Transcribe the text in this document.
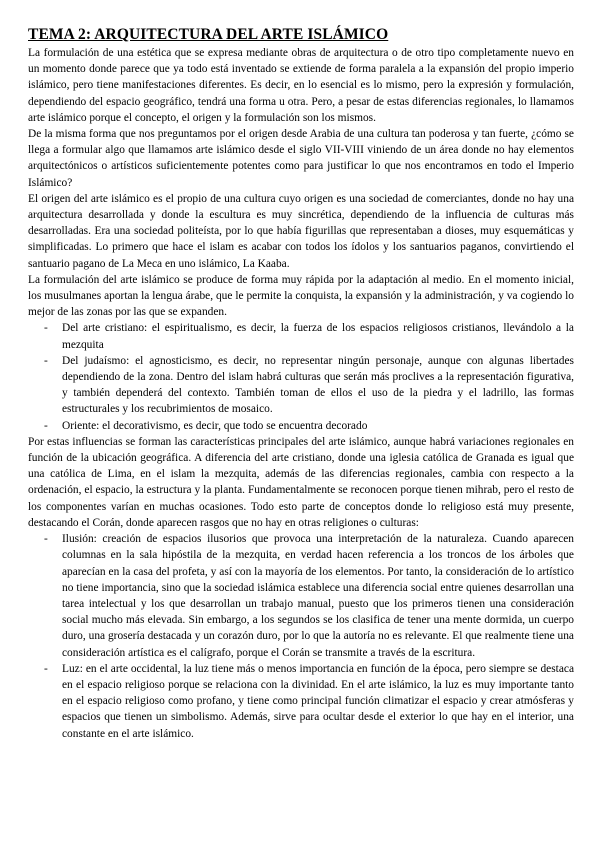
TEMA 2: ARQUITECTURA DEL ARTE ISLÁMICO

La formulación de una estética que se expresa mediante obras de arquitectura o de otro tipo completamente nuevo en un momento donde parece que ya todo está inventado se extiende de forma paralela a la expansión del propio imperio islámico, pero tiene manifestaciones diferentes. Es decir, en lo esencial es lo mismo, pero la expresión y formulación, dependiendo del espacio geográfico, tendrá una forma u otra. Pero, a pesar de estas diferencias regionales, lo llamamos arte islámico porque el concepto, el origen y la formulación son los mismos.

De la misma forma que nos preguntamos por el origen desde Arabia de una cultura tan poderosa y tan fuerte, ¿cómo se llega a formular algo que llamamos arte islámico desde el siglo VII-VIII viniendo de un área donde no hay elementos arquitectónicos o artísticos suficientemente potentes como para justificar lo que nos encontramos en todo el Imperio Islámico?

El origen del arte islámico es el propio de una cultura cuyo origen es una sociedad de comerciantes, donde no hay una arquitectura desarrollada y donde la escultura es muy sincrética, dependiendo de la influencia de culturas más desarrolladas. Era una sociedad politeísta, por lo que había figurillas que representaban a dioses, muy esquemáticas y simplificadas. Lo primero que hace el islam es acabar con todos los ídolos y los santuarios paganos, convirtiendo el santuario pagano de La Meca en uno islámico, La Kaaba.

La formulación del arte islámico se produce de forma muy rápida por la adaptación al medio. En el momento inicial, los musulmanes aportan la lengua árabe, que le permite la conquista, la expansión y la administración, y va cogiendo lo mejor de las zonas por las que se expanden.

- Del arte cristiano: el espiritualismo, es decir, la fuerza de los espacios religiosos cristianos, llevándolo a la mezquita
- Del judaísmo: el agnosticismo, es decir, no representar ningún personaje, aunque con algunas libertades dependiendo de la zona. Dentro del islam habrá culturas que serán más proclives a la representación figurativa, y también dependerá del contexto. También toman de ellos el uso de la piedra y el ladrillo, las formas estructurales y los recubrimientos de mosaico.
- Oriente: el decorativismo, es decir, que todo se encuentra decorado

Por estas influencias se forman las características principales del arte islámico, aunque habrá variaciones regionales en función de la ubicación geográfica. A diferencia del arte cristiano, donde una iglesia católica de Granada es igual que una católica de Lima, en el islam la mezquita, además de las diferencias regionales, cambia con respecto a la ordenación, el espacio, la estructura y la planta. Fundamentalmente se reconocen porque tienen mihrab, pero el resto de los componentes varían en muchas ocasiones. Todo esto parte de conceptos donde lo religioso está muy presente, destacando el Corán, donde aparecen rasgos que no hay en otras religiones o culturas:

- Ilusión: creación de espacios ilusorios que provoca una interpretación de la naturaleza. Cuando aparecen columnas en la sala hipóstila de la mezquita, en verdad hacen referencia a los troncos de los árboles que aparecían en la casa del profeta, y así con la mayoría de los elementos. Por tanto, la consideración de lo artístico no tiene importancia, sino que la sociedad islámica establece una diferencia social entre quienes desarrollan una tarea intelectual y los que desarrollan un trabajo manual, puesto que los primeros tienen una consideración social mucho más elevada. Sin embargo, a los segundos se los clasifica de tener una mente dormida, un cuerpo duro, una grosería destacada y un corazón duro, por lo que la autoría no es relevante. El que realmente tiene una consideración artística es el calígrafo, porque el Corán se transmite a través de la escritura.
- Luz: en el arte occidental, la luz tiene más o menos importancia en función de la época, pero siempre se destaca en el espacio religioso porque se relaciona con la divinidad. En el arte islámico, la luz es muy importante tanto en el espacio religioso como profano, y tiene como principal función climatizar el espacio y crear atmósferas y espacios que tienen un simbolismo. Además, sirve para ocultar desde el exterior lo que hay en el interior, una constante en el arte islámico.
